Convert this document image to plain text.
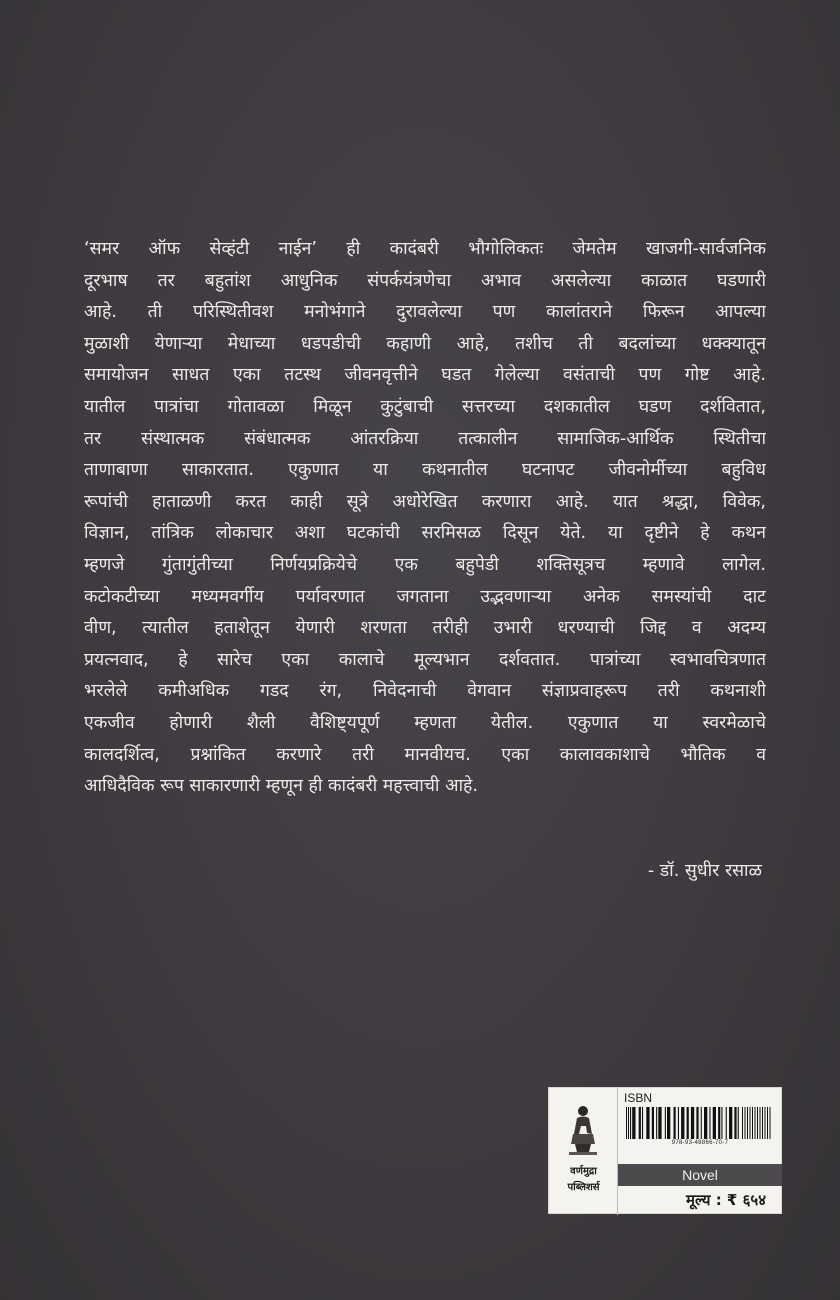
‘समर ऑफ सेव्हंटी नाईन’ ही कादंबरी भौगोलिकतः जेमतेम खाजगी-सार्वजनिक
दूरभाष तर बहुतांश आधुनिक संपर्कयंत्रणेचा अभाव असलेल्या काळात घडणारी
आहे. ती परिस्थितीवश मनोभंगाने दुरावलेल्या पण कालांतराने फिरून आपल्या
मुळाशी येणाऱ्या मेधाच्या धडपडीची कहाणी आहे, तशीच ती बदलांच्या धक्क्यातून
समायोजन साधत एका तटस्थ जीवनवृत्तीने घडत गेलेल्या वसंताची पण गोष्ट आहे.
यातील पात्रांचा गोतावळा मिळून कुटुंबाची सत्तरच्या दशकातील घडण दर्शवितात,
तर संस्थात्मक संबंधात्मक आंतरक्रिया तत्कालीन सामाजिक-आर्थिक स्थितीचा
ताणाबाणा साकारतात. एकुणात या कथनातील घटनापट जीवनोर्मीच्या बहुविध
रूपांची हाताळणी करत काही सूत्रे अधोरेखित करणारा आहे. यात श्रद्धा, विवेक,
विज्ञान, तांत्रिक लोकाचार अशा घटकांची सरमिसळ दिसून येते. या दृष्टीने हे कथन
म्हणजे गुंतागुंतीच्या निर्णयप्रक्रियेचे एक बहुपेडी शक्तिसूत्रच म्हणावे लागेल.
कटोकटीच्या मध्यमवर्गीय पर्यावरणात जगताना उद्भवणाऱ्या अनेक समस्यांची दाट
वीण, त्यातील हताशेतून येणारी शरणता तरीही उभारी धरण्याची जिद्द व अदम्य
प्रयत्नवाद, हे सारेच एका कालाचे मूल्यभान दर्शवतात. पात्रांच्या स्वभावचित्रणात
भरलेले कमीअधिक गडद रंग, निवेदनाची वेगवान संज्ञाप्रवाहरूप तरी कथनाशी
एकजीव होणारी शैली वैशिष्ट्यपूर्ण म्हणता येतील. एकुणात या स्वरमेळाचे
कालदर्शित्व, प्रश्नांकित करणारे तरी मानवीयच. एका कालावकाशाचे भौतिक व
आधिदैविक रूप साकारणारी म्हणून ही कादंबरी महत्त्वाची आहे.
- डॉ. सुधीर रसाळ
वर्णमुद्रा
पब्लिशर्स
ISBN
978-93-48866-70-7
Novel
मूल्य : ₹ ६५४
